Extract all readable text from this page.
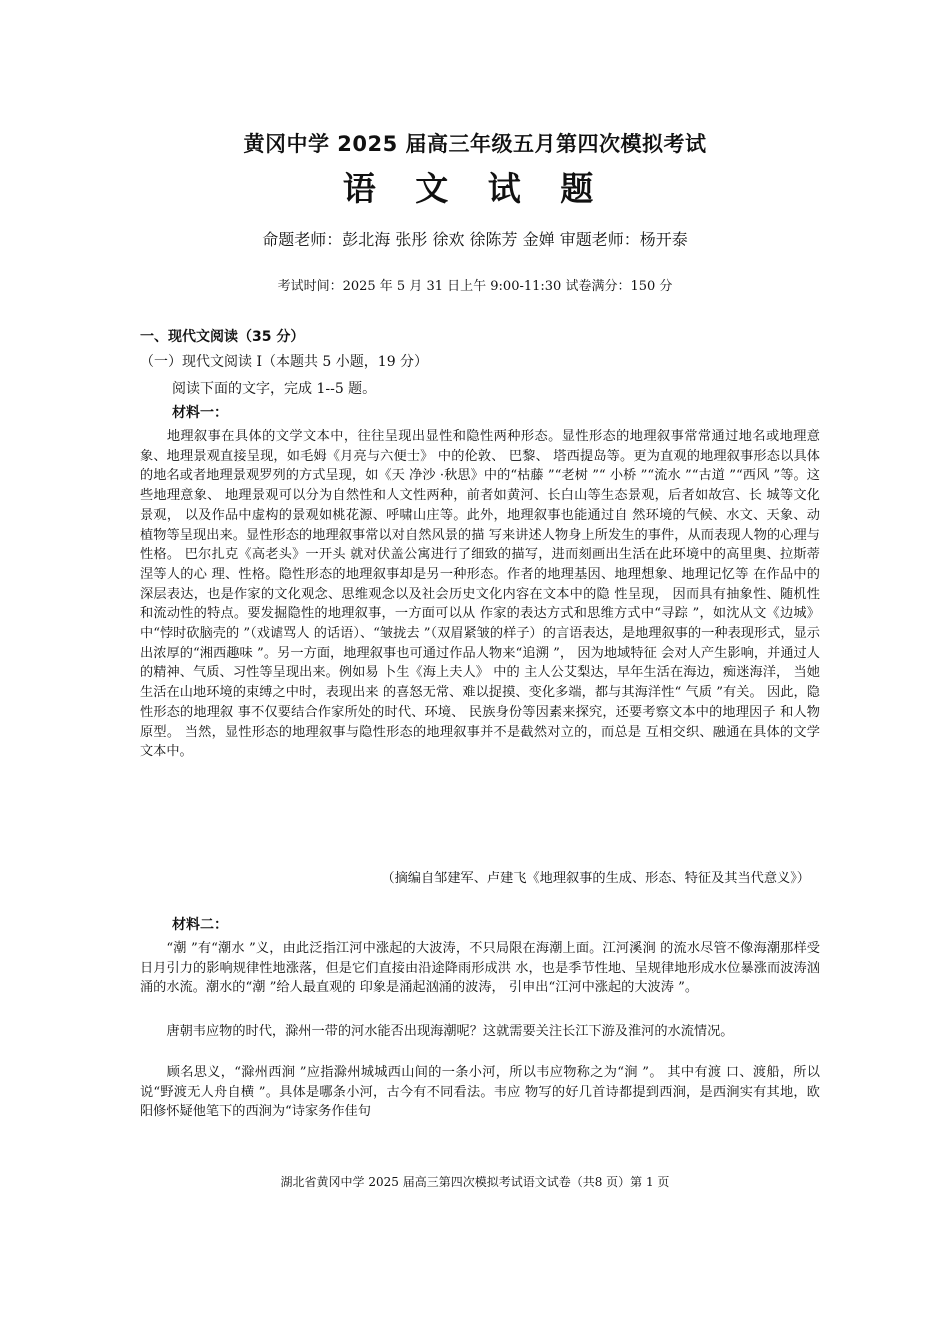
黄冈中学 2025 届高三年级五月第四次模拟考试
语 文 试 题
命题老师：彭北海 张彤 徐欢 徐陈芳 金婵 审题老师：杨开泰
考试时间：2025 年 5 月 31 日上午 9:00-11:30 试卷满分：150 分
一、现代文阅读（35 分）
（一）现代文阅读 Ⅰ（本题共 5 小题，19 分）
阅读下面的文字，完成 1--5 题。
材料一：
地理叙事在具体的文学文本中，往往呈现出显性和隐性两种形态。显性形态的地理叙事常常通过地名或地理意象、地理景观直接呈现，如毛姆《月亮与六便士》 中的伦敦、 巴黎、 塔西提岛等。更为直观的地理叙事形态以具体的地名或者地理景观罗列的方式呈现，如《天 净沙 ·秋思》中的“枯藤 ”“老树 ”“ 小桥 ”“流水 ”“古道 ”“西风 ”等。这些地理意象、 地理景观可以分为自然性和人文性两种，前者如黄河、长白山等生态景观，后者如故宫、长 城等文化景观， 以及作品中虚构的景观如桃花源、呼啸山庄等。此外，地理叙事也能通过自 然环境的气候、水文、天象、动植物等呈现出来。显性形态的地理叙事常以对自然风景的描 写来讲述人物身上所发生的事件，从而表现人物的心理与性格。 巴尔扎克《高老头》一开头 就对伏盖公寓进行了细致的描写，进而刻画出生活在此环境中的高里奥、拉斯蒂涅等人的心 理、性格。隐性形态的地理叙事却是另一种形态。作者的地理基因、地理想象、地理记忆等 在作品中的深层表达，也是作家的文化观念、思维观念以及社会历史文化内容在文本中的隐 性呈现， 因而具有抽象性、随机性和流动性的特点。要发掘隐性的地理叙事，一方面可以从 作家的表达方式和思维方式中“寻踪 ”，如沈从文《边城》 中“悖时砍脑壳的 ”（戏谑骂人 的话语）、“皱拢去 ”（双眉紧皱的样子）的言语表达，是地理叙事的一种表现形式，显示 出浓厚的“湘西趣味 ”。另一方面，地理叙事也可通过作品人物来“追溯 ”， 因为地域特征 会对人产生影响，并通过人的精神、气质、习性等呈现出来。例如易 卜生《海上夫人》 中的 主人公艾梨达，早年生活在海边，痴迷海洋， 当她生活在山地环境的束缚之中时，表现出来 的喜怒无常、难以捉摸、变化多端，都与其海洋性“ 气质 ”有关。 因此，隐性形态的地理叙 事不仅要结合作家所处的时代、环境、 民族身份等因素来探究，还要考察文本中的地理因子 和人物原型。 当然，显性形态的地理叙事与隐性形态的地理叙事并不是截然对立的，而总是 互相交织、融通在具体的文学文本中。
（摘编自邹建军、卢建飞《地理叙事的生成、形态、特征及其当代意义》）
材料二：
“潮 ”有“潮水 ”义，由此泛指江河中涨起的大波涛，不只局限在海潮上面。江河溪涧 的流水尽管不像海潮那样受日月引力的影响规律性地涨落，但是它们直接由沿途降雨形成洪 水，也是季节性地、呈规律地形成水位暴涨而波涛汹涌的水流。潮水的“潮 ”给人最直观的 印象是涌起汹涌的波涛， 引申出“江河中涨起的大波涛 ”。
唐朝韦应物的时代，滁州一带的河水能否出现海潮呢？这就需要关注长江下游及淮河的水流情况。
顾名思义，“滁州西涧 ”应指滁州城城西山间的一条小河，所以韦应物称之为“涧 ”。 其中有渡 口、渡船，所以说“野渡无人舟自横 ”。具体是哪条小河，古今有不同看法。韦应 物写的好几首诗都提到西涧，是西涧实有其地，欧阳修怀疑他笔下的西涧为“诗家务作佳句
湖北省黄冈中学 2025 届高三第四次模拟考试语文试卷（共8 页）第 1 页
